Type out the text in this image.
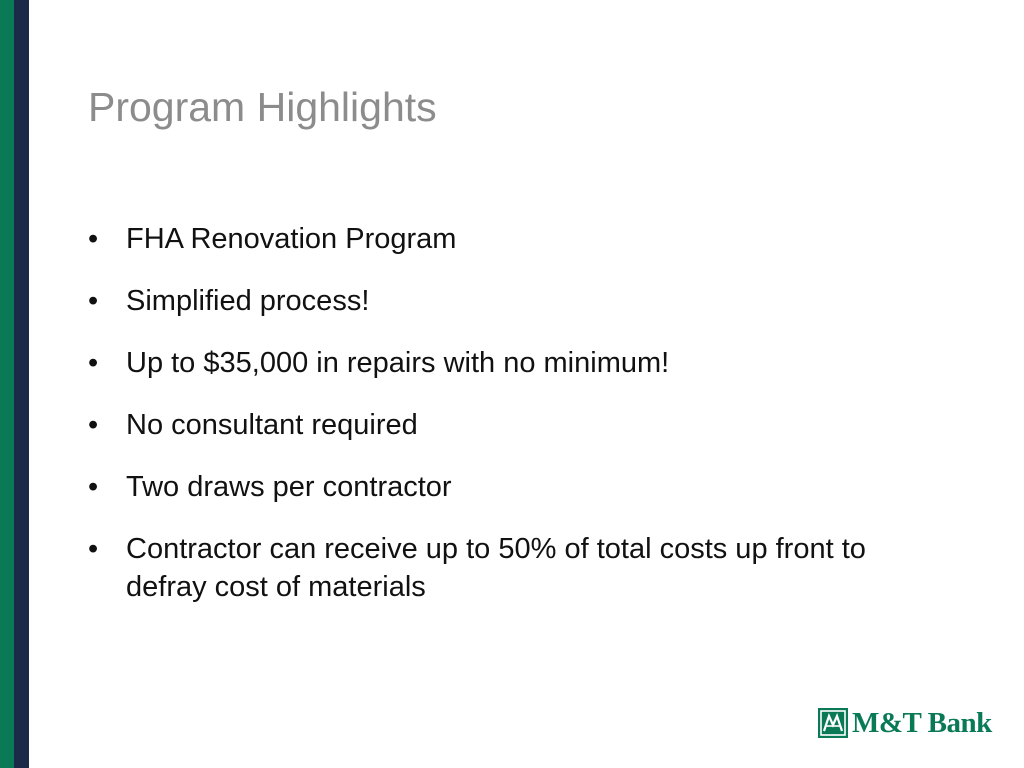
Program Highlights
• FHA Renovation Program
• Simplified process!
• Up to $35,000 in repairs with no minimum!
• No consultant required
• Two draws per contractor
• Contractor can receive up to 50% of total costs up front to defray cost of materials
M&T Bank
